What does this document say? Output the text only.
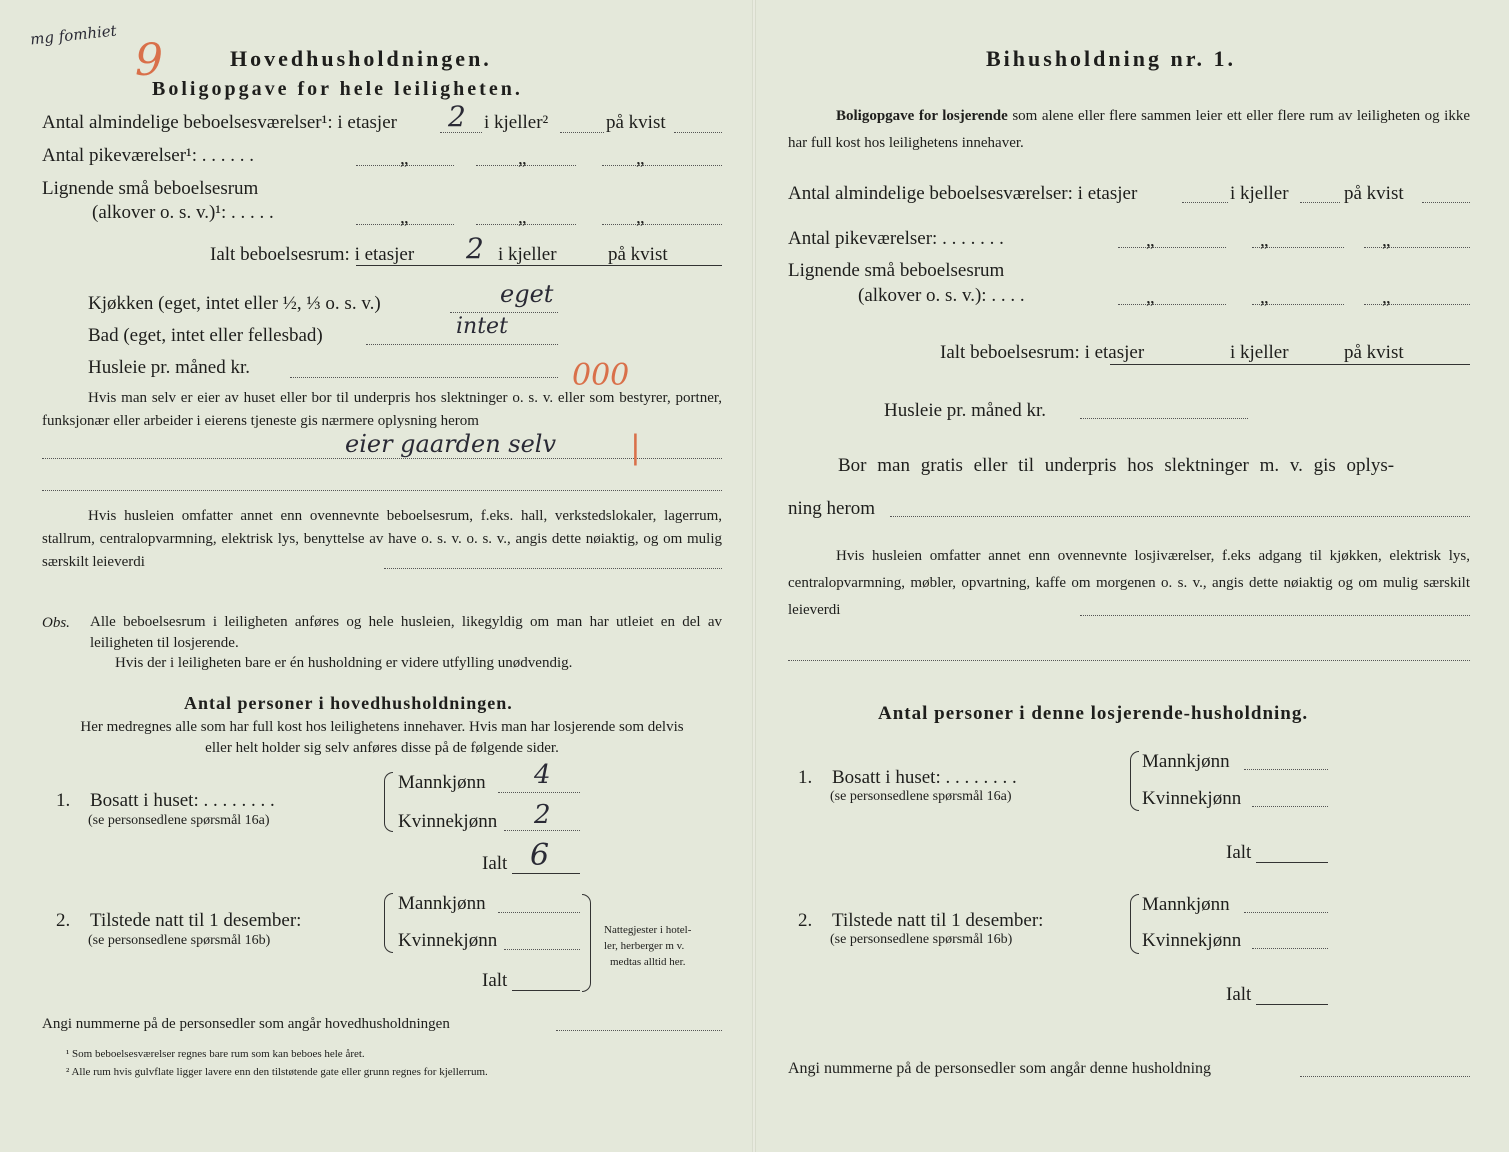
mg fomhiet 9	Hovedhusholdningen.
Boligopgave for hele leiligheten.
Antal almindelige beboelsesværelser¹: i etasjer 2 i kjeller²	på kvist
Antal pikeværelser¹: . . . . . .	„	„	„
Lignende små beboelsesrum
(alkover o. s. v.)¹: . . . . .	„	„	„
Ialt beboelsesrum: i etasjer 2 i kjeller	på kvist
Kjøkken (eget, intet eller ½, ⅓ o. s. v.)	eget
Bad (eget, intet eller fellesbad)	intet
Husleie pr. måned kr.	000
Hvis man selv er eier av huset eller bor til underpris hos slektninger o. s. v. eller som bestyrer, portner, funksjonær eller arbeider i eierens tjeneste gis nærmere oplysning herom
eier gaarden selv |
Hvis husleien omfatter annet enn ovennevnte beboelsesrum, f.eks. hall, verkstedslokaler, lagerrum, stallrum, centralopvarmning, elektrisk lys, benyttelse av have o. s. v. o. s. v., angis dette nøiaktig, og om mulig særskilt leieverdi
Obs. Alle beboelsesrum i leiligheten anføres og hele husleien, likegyldig om man har utleiet en del av leiligheten til losjerende.
Hvis der i leiligheten bare er én husholdning er videre utfylling unødvendig.
Antal personer i hovedhusholdningen.
Her medregnes alle som har full kost hos leilighetens innehaver. Hvis man har losjerende som delvis eller helt holder sig selv anføres disse på de følgende sider.
1. Bosatt i huset: . . . . . . . .
(se personsedlene spørsmål 16a)
Mannkjønn 4
Kvinnekjønn 2
Ialt 6
2. Tilstede natt til 1 desember:
(se personsedlene spørsmål 16b)
Mannkjønn
Kvinnekjønn
Ialt
Nattegjester i hotel-
ler, herberger m v.
medtas alltid her.
Angi nummerne på de personsedler som angår hovedhusholdningen
¹ Som beboelsesværelser regnes bare rum som kan beboes hele året.
² Alle rum hvis gulvflate ligger lavere enn den tilstøtende gate eller grunn regnes for kjellerrum.
Bihusholdning nr. 1.
Boligopgave for losjerende som alene eller flere sammen leier ett eller flere rum av leiligheten og ikke har full kost hos leilighetens innehaver.
Antal almindelige beboelsesværelser: i etasjer	i kjeller	på kvist
Antal pikeværelser: . . . . . . .	„	„	„
Lignende små beboelsesrum
(alkover o. s. v.): . . . .	„	„	„
Ialt beboelsesrum: i etasjer	i kjeller	på kvist
Husleie pr. måned kr.
Bor man gratis eller til underpris hos slektninger m. v. gis oplys-
ning herom
Hvis husleien omfatter annet enn ovennevnte losjiværelser, f.eks adgang til kjøkken, elektrisk lys, centralopvarmning, møbler, opvartning, kaffe om morgenen o. s. v., angis dette nøiaktig og om mulig særskilt leieverdi
Antal personer i denne losjerende-husholdning.
1. Bosatt i huset: . . . . . . . .
(se personsedlene spørsmål 16a)
Mannkjønn
Kvinnekjønn
Ialt
2. Tilstede natt til 1 desember:
(se personsedlene spørsmål 16b)
Mannkjønn
Kvinnekjønn
Ialt
Angi nummerne på de personsedler som angår denne husholdning
